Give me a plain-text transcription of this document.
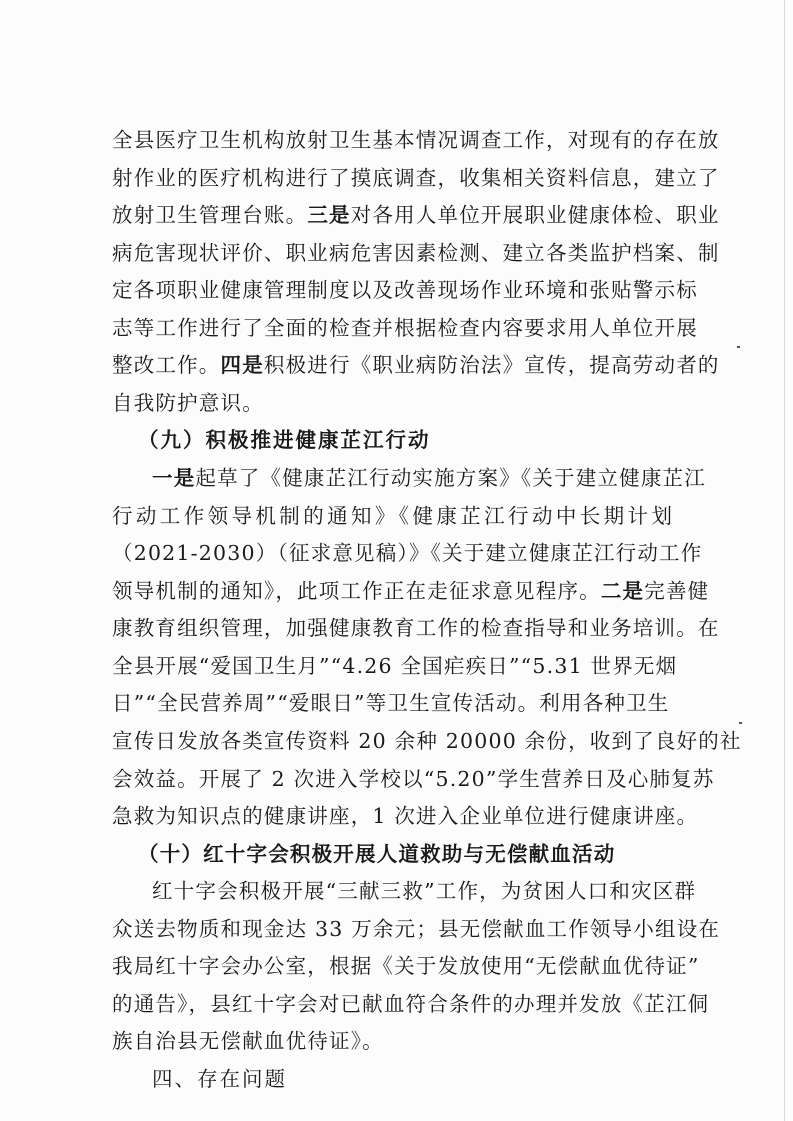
全县医疗卫生机构放射卫生基本情况调查工作，对现有的存在放
射作业的医疗机构进行了摸底调查，收集相关资料信息，建立了
放射卫生管理台账。三是对各用人单位开展职业健康体检、职业
病危害现状评价、职业病危害因素检测、建立各类监护档案、制
定各项职业健康管理制度以及改善现场作业环境和张贴警示标
志等工作进行了全面的检查并根据检查内容要求用人单位开展
整改工作。四是积极进行《职业病防治法》宣传，提高劳动者的
自我防护意识。
（九）积极推进健康芷江行动
一是起草了《健康芷江行动实施方案》《关于建立健康芷江
行动工作领导机制的通知》《健康芷江行动中长期计划
（2021-2030）（征求意见稿）》《关于建立健康芷江行动工作
领导机制的通知》，此项工作正在走征求意见程序。二是完善健
康教育组织管理，加强健康教育工作的检查指导和业务培训。在
全县开展“爱国卫生月”“4.26 全国疟疾日”“5.31 世界无烟
日”“全民营养周”“爱眼日”等卫生宣传活动。利用各种卫生
宣传日发放各类宣传资料 20 余种 20000 余份，收到了良好的社
会效益。开展了 2 次进入学校以“5.20”学生营养日及心肺复苏
急救为知识点的健康讲座，1 次进入企业单位进行健康讲座。
（十）红十字会积极开展人道救助与无偿献血活动
红十字会积极开展“三献三救”工作，为贫困人口和灾区群
众送去物质和现金达 33 万余元；县无偿献血工作领导小组设在
我局红十字会办公室，根据《关于发放使用“无偿献血优待证”
的通告》，县红十字会对已献血符合条件的办理并发放《芷江侗
族自治县无偿献血优待证》。
四、存在问题
